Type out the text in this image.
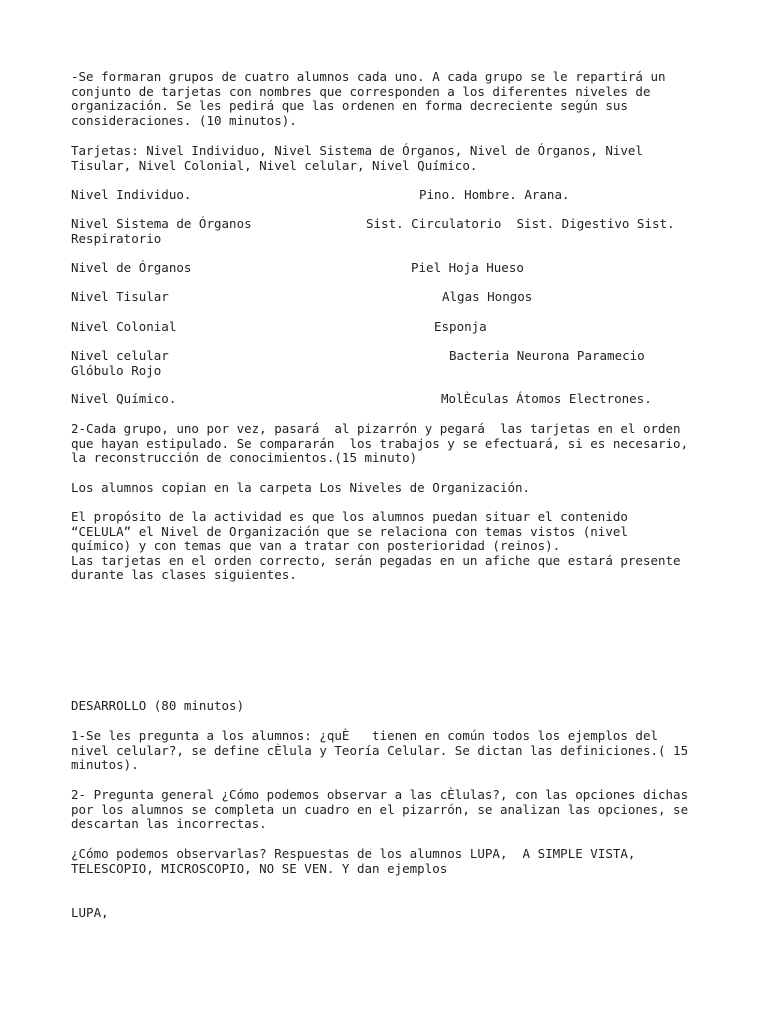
-Se formaran grupos de cuatro alumnos cada uno. A cada grupo se le repartirá un
conjunto de tarjetas con nombres que corresponden a los diferentes niveles de
organización. Se les pedirá que las ordenen en forma decreciente según sus
consideraciones. (10 minutos).

Tarjetas: Nivel Individuo, Nivel Sistema de Órganos, Nivel de Órganos, Nivel
Tisular, Nivel Colonial, Nivel celular, Nivel Químico.

Nivel Individuo.	Pino. Hombre. Arana.
Nivel Sistema de Órganos	Sist. Circulatorio  Sist. Digestivo Sist.
Respiratorio
Nivel de Órganos	Piel Hoja Hueso
Nivel Tisular	Algas Hongos
Nivel Colonial	Esponja
Nivel celular	Bacteria Neurona Paramecio
Glóbulo Rojo
Nivel Químico.	MolÈculas Átomos Electrones.

2-Cada grupo, uno por vez, pasará  al pizarrón y pegará  las tarjetas en el orden
que hayan estipulado. Se compararán  los trabajos y se efectuará, si es necesario,
la reconstrucción de conocimientos.(15 minuto)

Los alumnos copian en la carpeta Los Niveles de Organización.

El propósito de la actividad es que los alumnos puedan situar el contenido
“CELULA” el Nivel de Organización que se relaciona con temas vistos (nivel
químico) y con temas que van a tratar con posterioridad (reinos).
Las tarjetas en el orden correcto, serán pegadas en un afiche que estará presente
durante las clases siguientes.

DESARROLLO (80 minutos)

1-Se les pregunta a los alumnos: ¿quÈ   tienen en común todos los ejemplos del
nivel celular?, se define cÈlula y Teoría Celular. Se dictan las definiciones.( 15
minutos).

2- Pregunta general ¿Cómo podemos observar a las cÈlulas?, con las opciones dichas
por los alumnos se completa un cuadro en el pizarrón, se analizan las opciones, se
descartan las incorrectas.

¿Cómo podemos observarlas? Respuestas de los alumnos LUPA,  A SIMPLE VISTA,
TELESCOPIO, MICROSCOPIO, NO SE VEN. Y dan ejemplos

LUPA,
